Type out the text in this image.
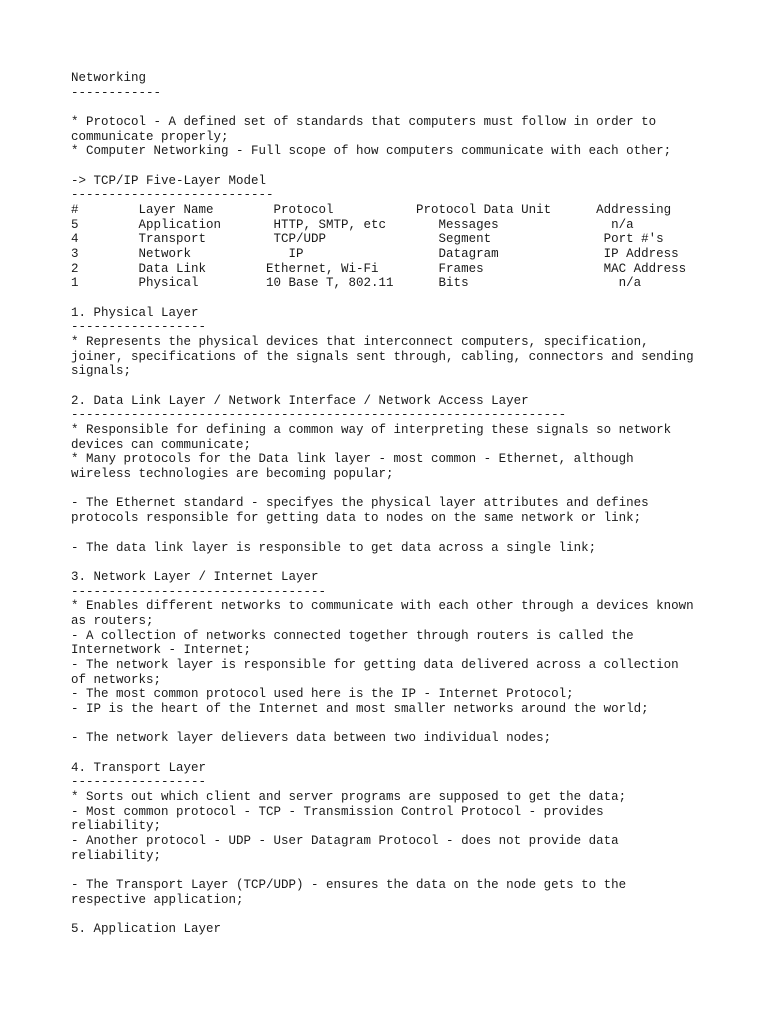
Networking
------------
* Protocol - A defined set of standards that computers must follow in order to
communicate properly;
* Computer Networking - Full scope of how computers communicate with each other;
-> TCP/IP Five-Layer Model
---------------------------
#        Layer Name        Protocol           Protocol Data Unit      Addressing
5        Application       HTTP, SMTP, etc       Messages               n/a
4        Transport         TCP/UDP               Segment               Port #'s
3        Network             IP                  Datagram              IP Address
2        Data Link        Ethernet, Wi-Fi        Frames                MAC Address
1        Physical         10 Base T, 802.11      Bits                    n/a
1. Physical Layer
------------------
* Represents the physical devices that interconnect computers, specification,
joiner, specifications of the signals sent through, cabling, connectors and sending
signals;
2. Data Link Layer / Network Interface / Network Access Layer
------------------------------------------------------------------
* Responsible for defining a common way of interpreting these signals so network
devices can communicate;
* Many protocols for the Data link layer - most common - Ethernet, although
wireless technologies are becoming popular;
- The Ethernet standard - specifyes the physical layer attributes and defines
protocols responsible for getting data to nodes on the same network or link;
- The data link layer is responsible to get data across a single link;
3. Network Layer / Internet Layer
----------------------------------
* Enables different networks to communicate with each other through a devices known
as routers;
- A collection of networks connected together through routers is called the
Internetwork - Internet;
- The network layer is responsible for getting data delivered across a collection
of networks;
- The most common protocol used here is the IP - Internet Protocol;
- IP is the heart of the Internet and most smaller networks around the world;
- The network layer delievers data between two individual nodes;
4. Transport Layer
------------------
* Sorts out which client and server programs are supposed to get the data;
- Most common protocol - TCP - Transmission Control Protocol - provides
reliability;
- Another protocol - UDP - User Datagram Protocol - does not provide data
reliability;
- The Transport Layer (TCP/UDP) - ensures the data on the node gets to the
respective application;
5. Application Layer
